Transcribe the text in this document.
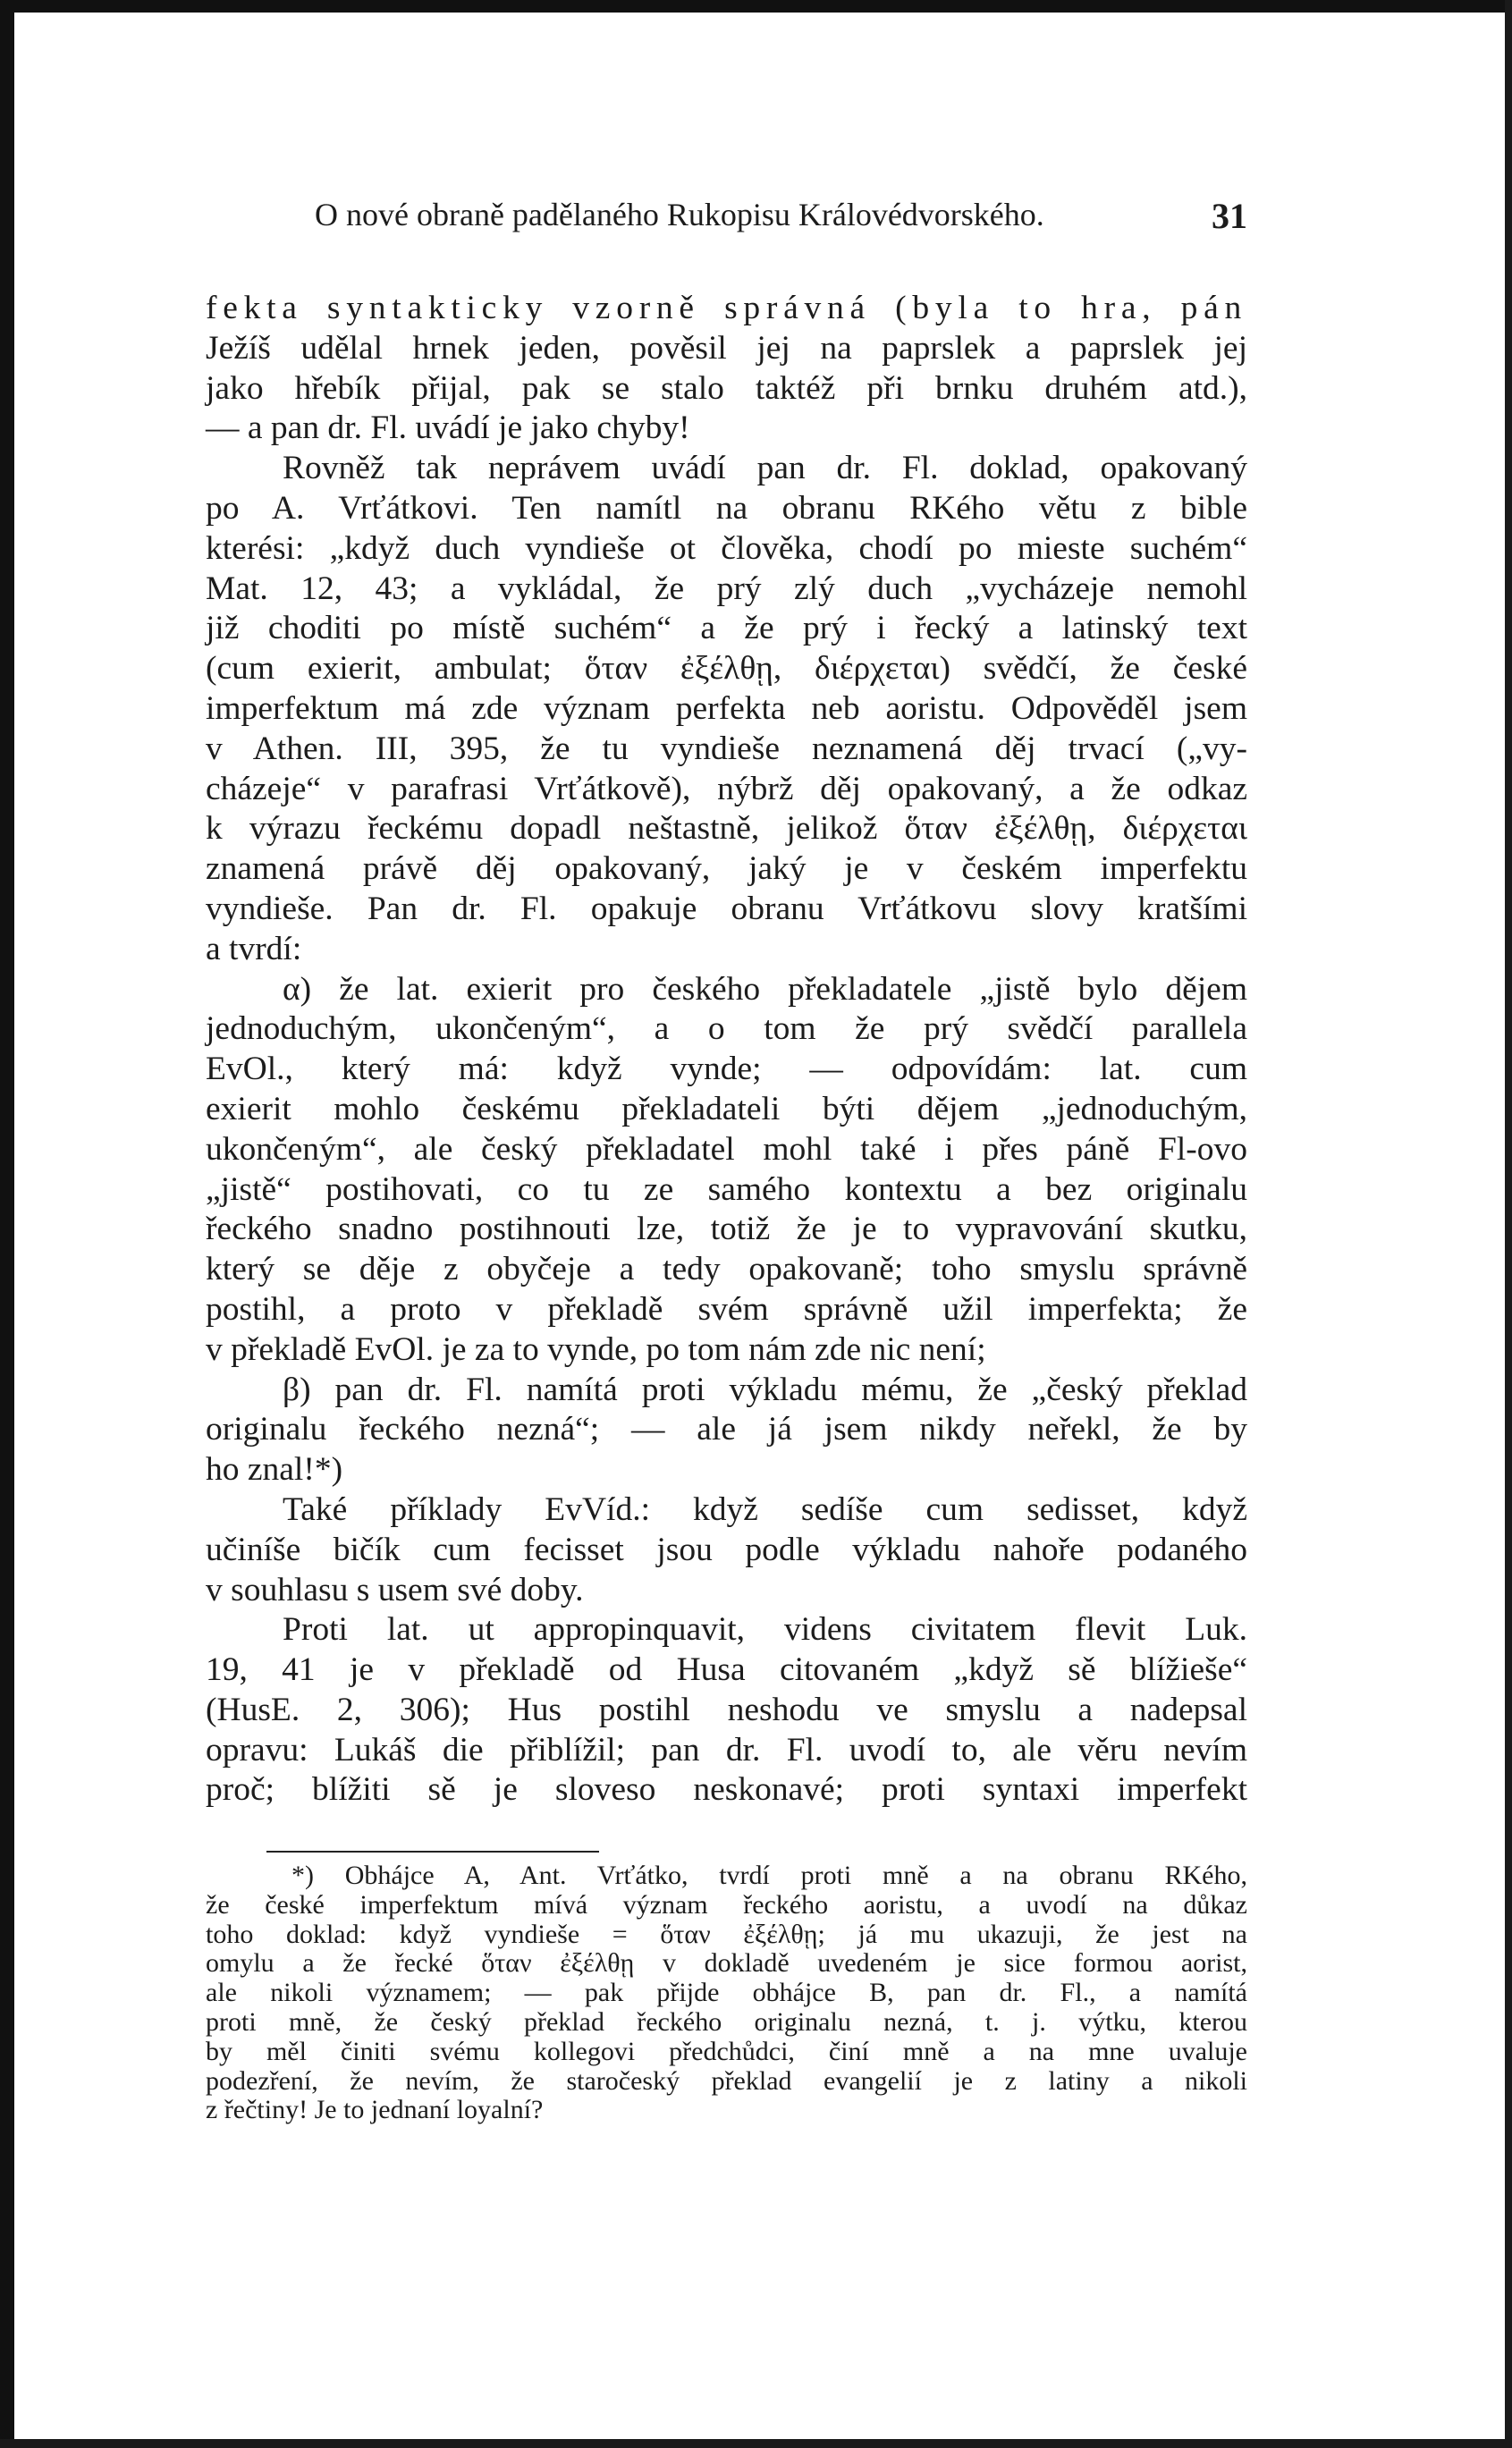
O nové obraně padělaného Rukopisu Královédvorského.	31
fekta syntakticky vzorně správná (byla to hra, pán
Ježíš udělal hrnek jeden, pověsil jej na paprslek a paprslek jej
jako hřebík přijal, pak se stalo taktéž při brnku druhém atd.),
— a pan dr. Fl. uvádí je jako chyby!
Rovněž tak neprávem uvádí pan dr. Fl. doklad, opakovaný
po A. Vrťátkovi. Ten namítl na obranu RKého větu z bible
kterési: „když duch vyndieše ot člověka, chodí po mieste suchém“
Mat. 12, 43; a vykládal, že prý zlý duch „vycházeje nemohl
již choditi po místě suchém“ a že prý i řecký a latinský text
(cum exierit, ambulat; ὅταν ἐξέλθῃ, διέρχεται) svědčí, že české
imperfektum má zde význam perfekta neb aoristu. Odpověděl jsem
v Athen. III, 395, že tu vyndieše neznamená děj trvací („vy-
cházeje“ v parafrasi Vrťátkově), nýbrž děj opakovaný, a že odkaz
k výrazu řeckému dopadl neštastně, jelikož ὅταν ἐξέλθῃ, διέρχεται
znamená právě děj opakovaný, jaký je v českém imperfektu
vyndieše. Pan dr. Fl. opakuje obranu Vrťátkovu slovy kratšími
a tvrdí:
α) že lat. exierit pro českého překladatele „jistě bylo dějem
jednoduchým, ukončeným“, a o tom že prý svědčí parallela
EvOl., který má: když vynde; — odpovídám: lat. cum
exierit mohlo českému překladateli býti dějem „jednoduchým,
ukončeným“, ale český překladatel mohl také i přes páně Fl-ovo
„jistě“ postihovati, co tu ze samého kontextu a bez originalu
řeckého snadno postihnouti lze, totiž že je to vypravování skutku,
který se děje z obyčeje a tedy opakovaně; toho smyslu správně
postihl, a proto v překladě svém správně užil imperfekta; že
v překladě EvOl. je za to vynde, po tom nám zde nic není;
β) pan dr. Fl. namítá proti výkladu mému, že „český překlad
originalu řeckého nezná“; — ale já jsem nikdy neřekl, že by
ho znal!*)
Také příklady EvVíd.: když sedíše cum sedisset, když
učiníše bičík cum fecisset jsou podle výkladu nahoře podaného
v souhlasu s usem své doby.
Proti lat. ut appropinquavit, videns civitatem flevit Luk.
19, 41 je v překladě od Husa citovaném „když sě blížieše“
(HusE. 2, 306); Hus postihl neshodu ve smyslu a nadepsal
opravu: Lukáš die přiblížil; pan dr. Fl. uvodí to, ale věru nevím
proč; blížiti sě je sloveso neskonavé; proti syntaxi imperfekt
*) Obhájce A, Ant. Vrťátko, tvrdí proti mně a na obranu RKého,
že české imperfektum mívá význam řeckého aoristu, a uvodí na důkaz
toho doklad: když vyndieše = ὅταν ἐξέλθῃ; já mu ukazuji, že jest na
omylu a že řecké ὅταν ἐξέλθῃ v dokladě uvedeném je sice formou aorist,
ale nikoli významem; — pak přijde obhájce B, pan dr. Fl., a namítá
proti mně, že český překlad řeckého originalu nezná, t. j. výtku, kterou
by měl činiti svému kollegovi předchůdci, činí mně a na mne uvaluje
podezření, že nevím, že staročeský překlad evangelií je z latiny a nikoli
z řečtiny! Je to jednaní loyalní?
